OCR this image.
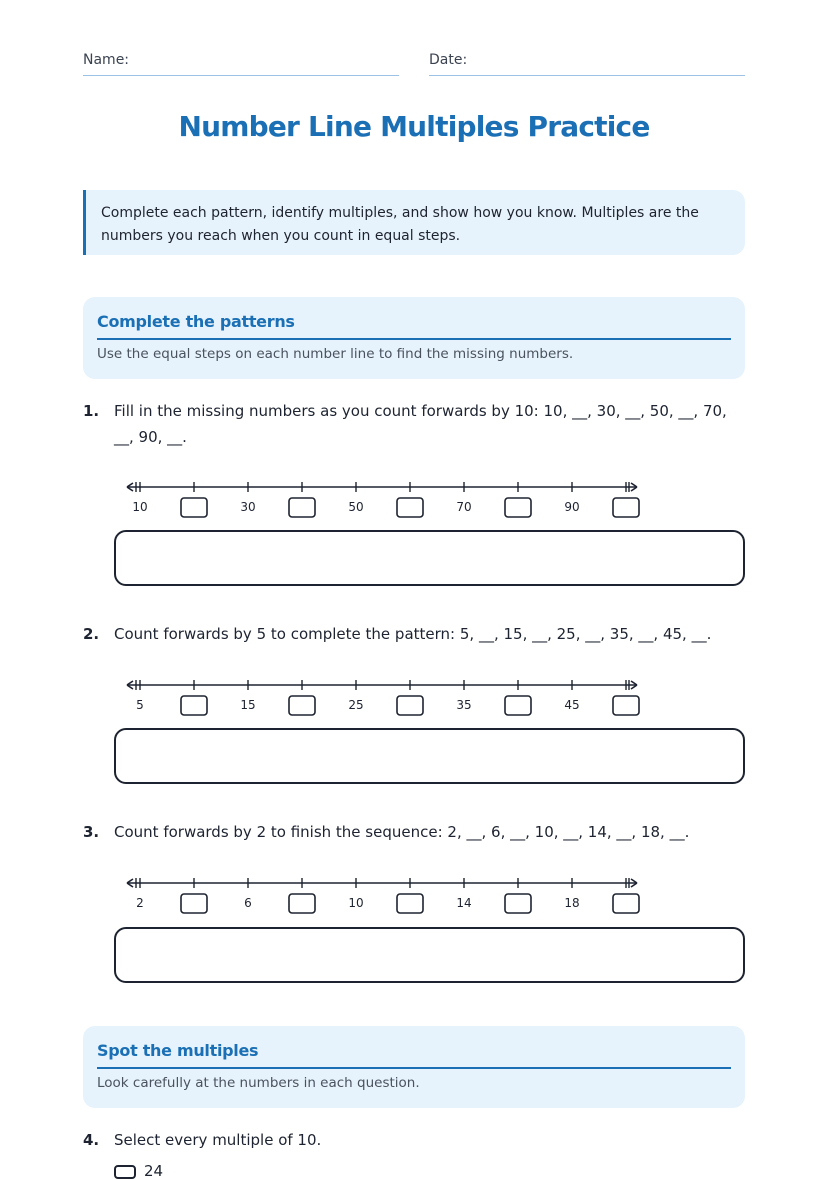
Name:	Date:
Number Line Multiples Practice
Complete each pattern, identify multiples, and show how you know. Multiples are the numbers you reach when you count in equal steps.
Complete the patterns
Use the equal steps on each number line to find the missing numbers.
1. Fill in the missing numbers as you count forwards by 10: 10, __, 30, __, 50, __, 70, __, 90, __.
10	30	50	70	90
2. Count forwards by 5 to complete the pattern: 5, __, 15, __, 25, __, 35, __, 45, __.
5	15	25	35	45
3. Count forwards by 2 to finish the sequence: 2, __, 6, __, 10, __, 14, __, 18, __.
2	6	10	14	18
Spot the multiples
Look carefully at the numbers in each question.
4. Select every multiple of 10.
24
